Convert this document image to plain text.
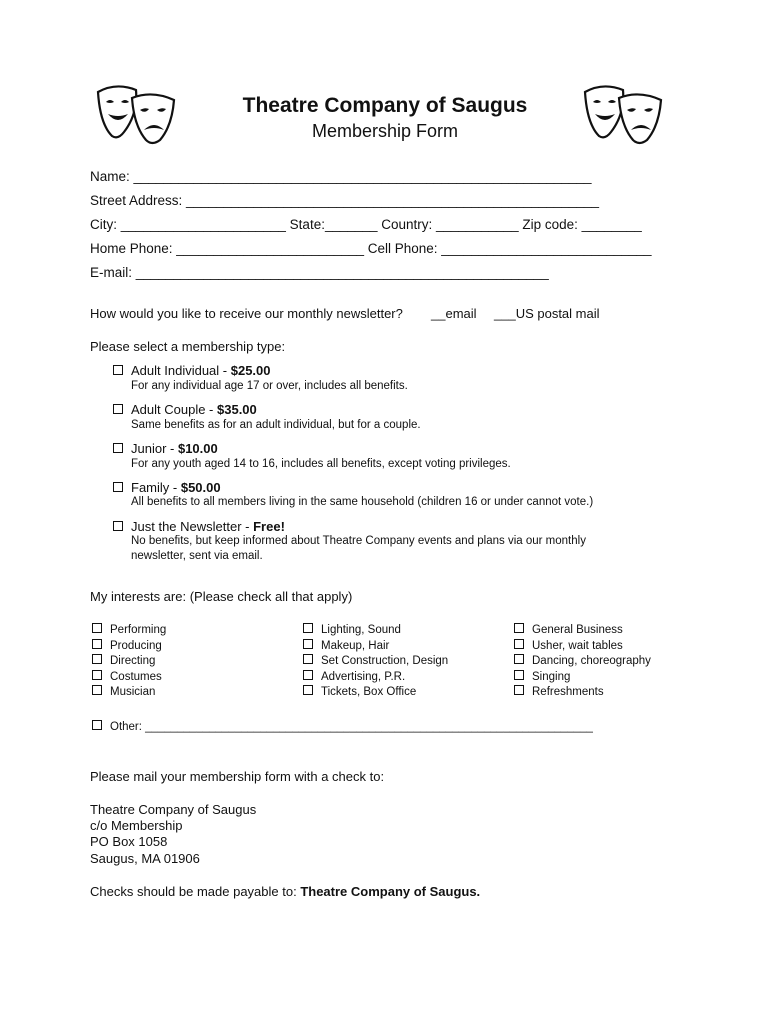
Theatre Company of Saugus
Membership Form
Name: _____________________________________________________________
Street Address: _______________________________________________________
City: ______________________ State:_______ Country: ___________ Zip code: ________
Home Phone: _________________________ Cell Phone: ____________________________
E-mail: _______________________________________________________
How would you like to receive our monthly newsletter? __email ___US postal mail
Please select a membership type:
Adult Individual - $25.00
For any individual age 17 or over, includes all benefits.
Adult Couple - $35.00
Same benefits as for an adult individual, but for a couple.
Junior - $10.00
For any youth aged 14 to 16, includes all benefits, except voting privileges.
Family - $50.00
All benefits to all members living in the same household (children 16 or under cannot vote.)
Just the Newsletter - Free!
No benefits, but keep informed about Theatre Company events and plans via our monthly
newsletter, sent via email.
My interests are: (Please check all that apply)
Performing
Producing
Directing
Costumes
Musician
Lighting, Sound
Makeup, Hair
Set Construction, Design
Advertising, P.R.
Tickets, Box Office
General Business
Usher, wait tables
Dancing, choreography
Singing
Refreshments
Other: ______________________________________________________________________
Please mail your membership form with a check to:
Theatre Company of Saugus
c/o Membership
PO Box 1058
Saugus, MA 01906
Checks should be made payable to: Theatre Company of Saugus.
